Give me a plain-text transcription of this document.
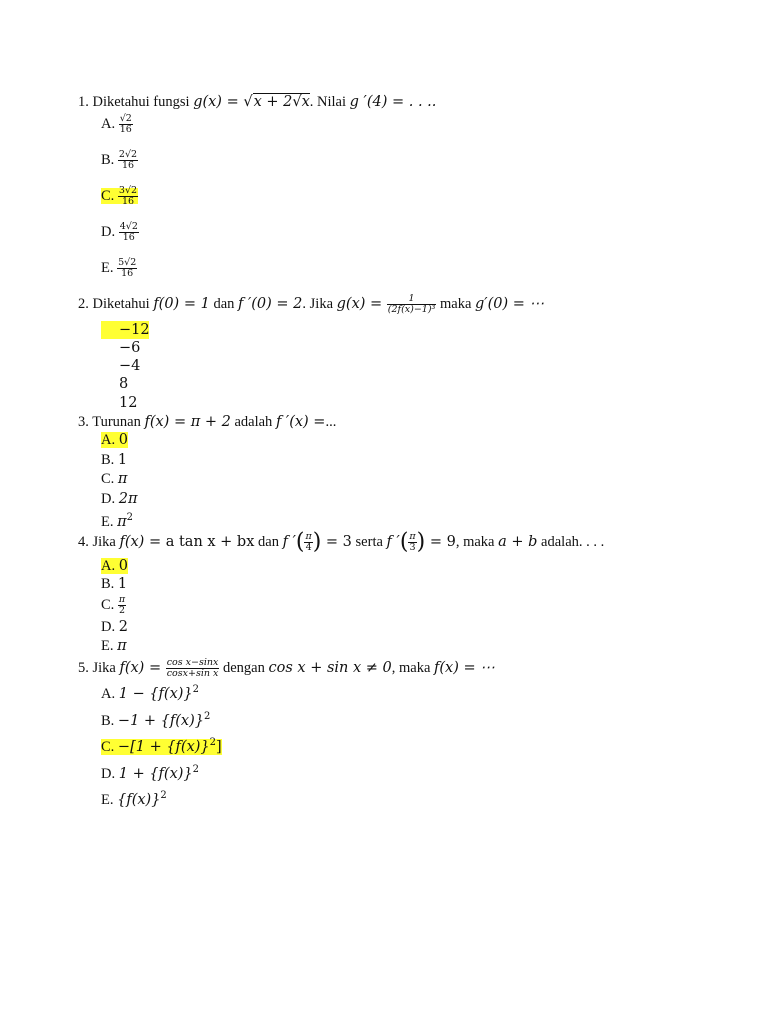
1. Diketahui fungsi g(x) = √x + 2√x. Nilai g ′(4) = . . ..
A. $\frac{√2}{16}$
B. $\frac{2√2}{16}$
C. $\frac{3√2}{16}$
D. $\frac{4√2}{16}$
E. $\frac{5√2}{16}$
2. Diketahui f(0) = 1 dan f ′(0) = 2. Jika $g(x) = \frac{1}{\text{(2f(x)−1)³}}$ maka g′(0) = ⋯
−12
−6
−4
8
12
3. Turunan f(x) = π + 2 adalah f ′(x) =...
A. 0
B. 1
C. π
D. 2π
E. $\pi^2$
4. Jika f(x) = a tan x + bx dan f ′( $\frac{\pi}{4}$ ) = 3 serta f ′( $\frac{\pi}{3}$ ) = 9, maka a + b adalah. . . .
A. 0
B. 1
C. $\frac{\pi}{2}$
D. 2
E. π
5. Jika $f(x) = \frac{\text{cos x−sinx}}{\text{cosx+sin x}}$ dengan cos x + sin x ≠ 0, maka f(x) = ⋯
A. $1 - \{f(x)\}^2$
B. $-1 + \{f(x)\}^2$
C. $-[1 + \{f(x)\}^2]$
D. $1 + \{f(x)\}^2$
E. $\{f(x)\}^2$
